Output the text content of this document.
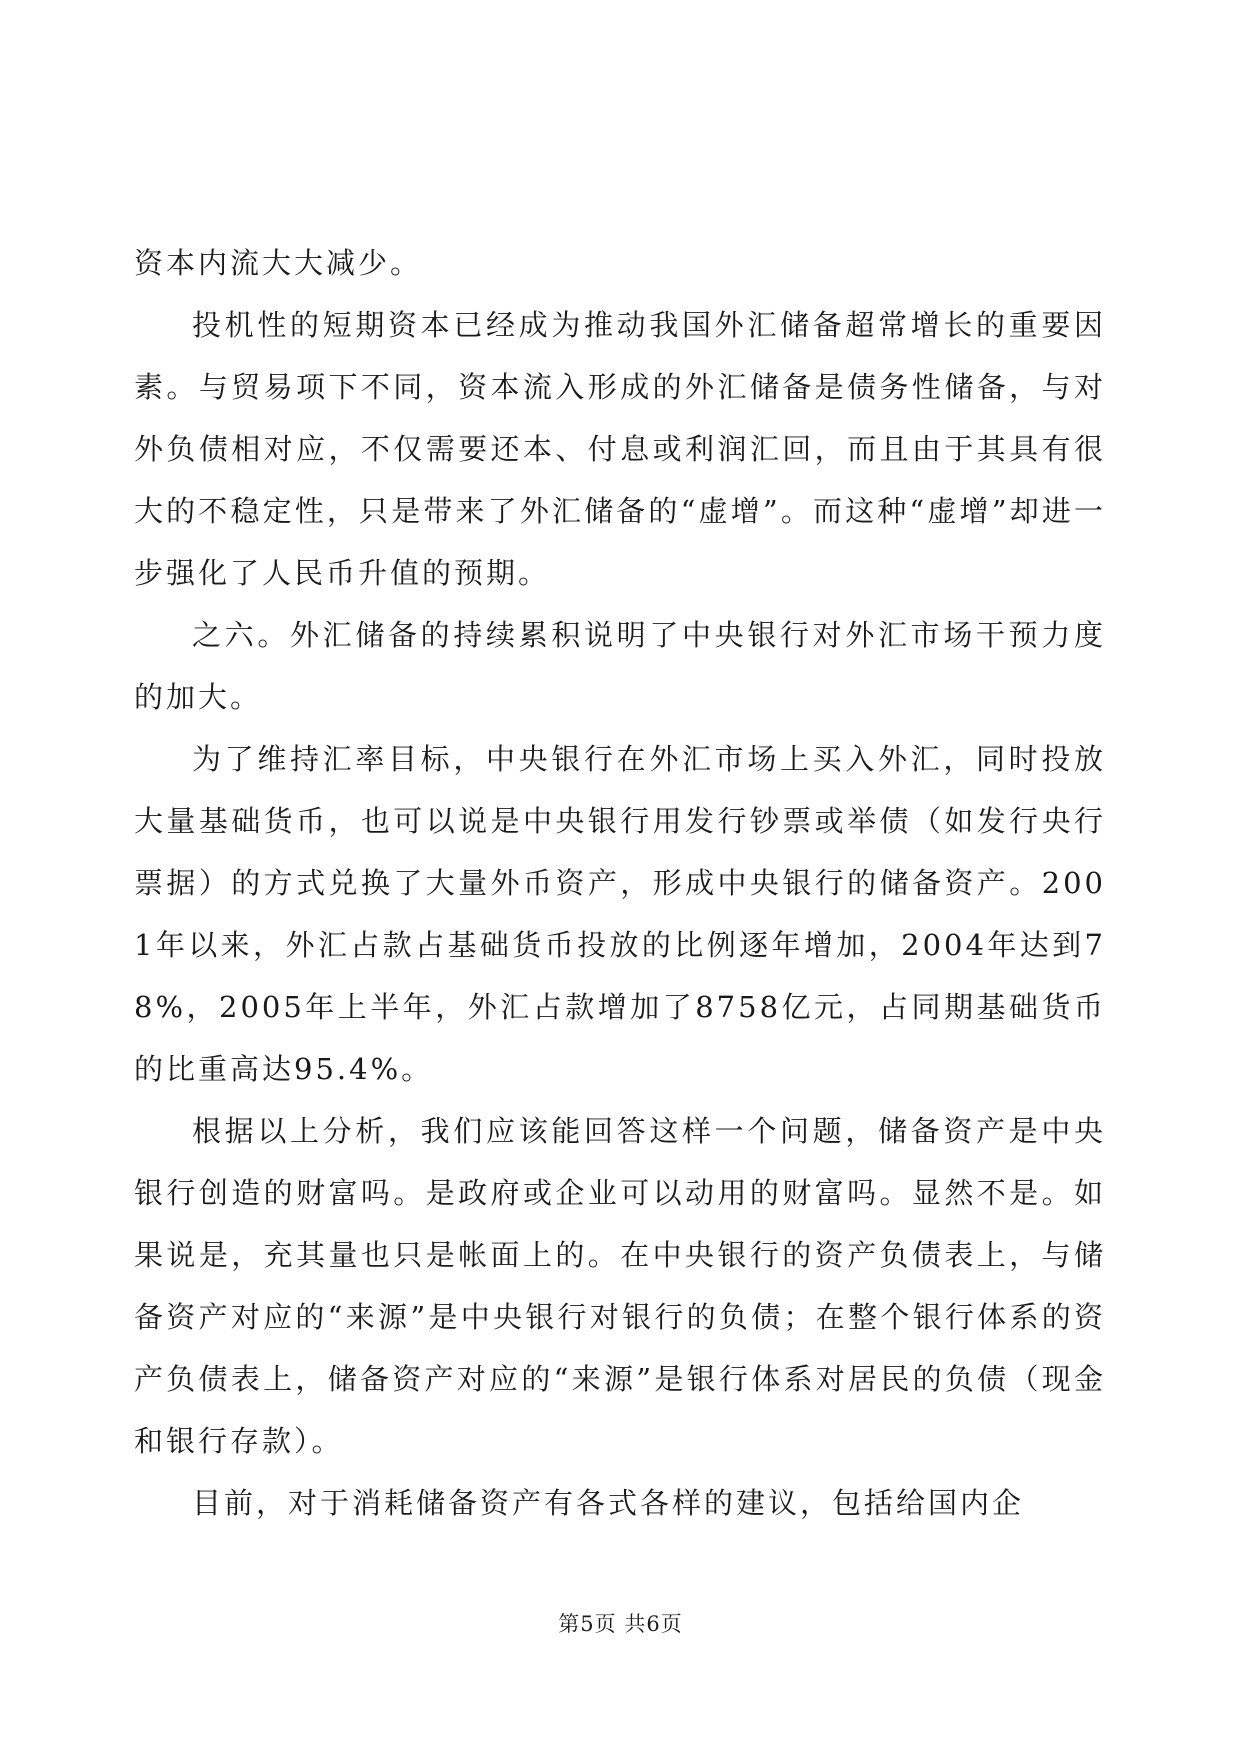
资本内流大大减少。

投机性的短期资本已经成为推动我国外汇储备超常增长的重要因素。与贸易项下不同，资本流入形成的外汇储备是债务性储备，与对外负债相对应，不仅需要还本、付息或利润汇回，而且由于其具有很大的不稳定性，只是带来了外汇储备的“虚增”。而这种“虚增”却进一步强化了人民币升值的预期。

之六。外汇储备的持续累积说明了中央银行对外汇市场干预力度的加大。

为了维持汇率目标，中央银行在外汇市场上买入外汇，同时投放大量基础货币，也可以说是中央银行用发行钞票或举债（如发行央行票据）的方式兑换了大量外币资产，形成中央银行的储备资产。2001年以来，外汇占款占基础货币投放的比例逐年增加，2004年达到78%，2005年上半年，外汇占款增加了8758亿元，占同期基础货币的比重高达95.4%。

根据以上分析，我们应该能回答这样一个问题，储备资产是中央银行创造的财富吗。是政府或企业可以动用的财富吗。显然不是。如果说是，充其量也只是帐面上的。在中央银行的资产负债表上，与储备资产对应的“来源”是中央银行对银行的负债；在整个银行体系的资产负债表上，储备资产对应的“来源”是银行体系对居民的负债（现金和银行存款）。

目前，对于消耗储备资产有各式各样的建议，包括给国内企

第5页 共6页
